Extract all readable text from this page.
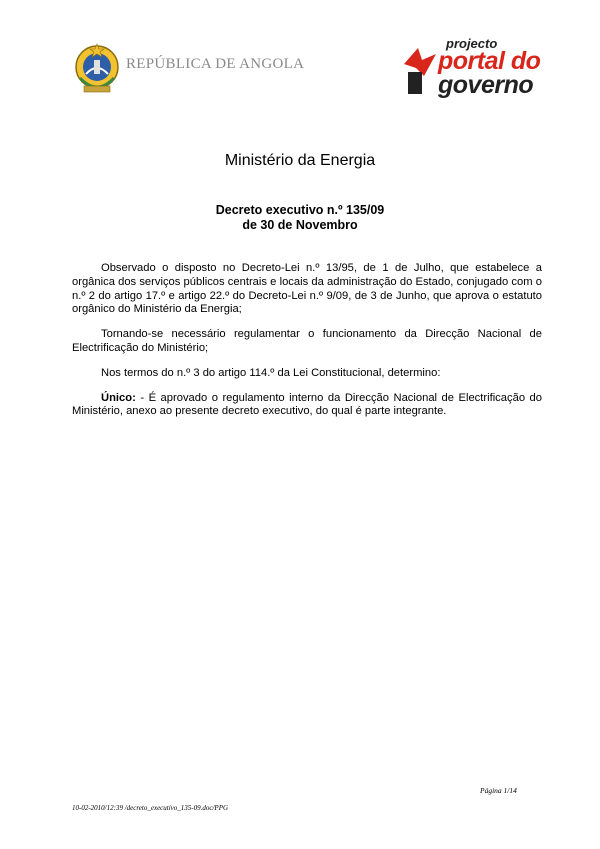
REPÚBLICA DE ANGOLA
projecto
portal do
governo
Ministério da Energia
Decreto executivo n.º 135/09
de 30 de Novembro

Observado o disposto no Decreto-Lei n.º 13/95, de 1 de Julho, que estabelece a orgânica dos serviços públicos centrais e locais da administração do Estado, conjugado com o n.º 2 do artigo 17.º e artigo 22.º do Decreto-Lei n.º 9/09, de 3 de Junho, que aprova o estatuto orgânico do Ministério da Energia;

Tornando-se necessário regulamentar o funcionamento da Direcção Nacional de Electrificação do Ministério;

Nos termos do n.º 3 do artigo 114.º da Lei Constitucional, determino:

Único: - É aprovado o regulamento interno da Direcção Nacional de Electrificação do Ministério, anexo ao presente decreto executivo, do qual é parte integrante.

Página 1/14
10-02-2010/12:39 /decreto_executivo_135-09.doc/PPG
